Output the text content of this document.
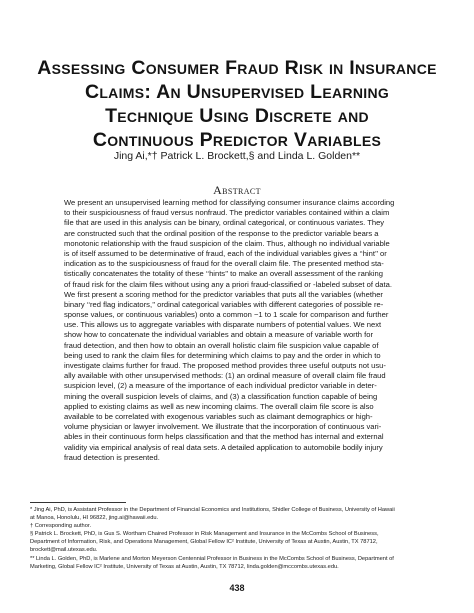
Assessing Consumer Fraud Risk in Insurance
Claims: An Unsupervised Learning
Technique Using Discrete and
Continuous Predictor Variables
Jing Ai,*† Patrick L. Brockett,§ and Linda L. Golden**
Abstract
We present an unsupervised learning method for classifying consumer insurance claims according
to their suspiciousness of fraud versus nonfraud. The predictor variables contained within a claim
file that are used in this analysis can be binary, ordinal categorical, or continuous variates. They
are constructed such that the ordinal position of the response to the predictor variable bears a
monotonic relationship with the fraud suspicion of the claim. Thus, although no individual variable
is of itself assumed to be determinative of fraud, each of the individual variables gives a ‘‘hint’’ or
indication as to the suspiciousness of fraud for the overall claim file. The presented method sta-
tistically concatenates the totality of these ‘‘hints’’ to make an overall assessment of the ranking
of fraud risk for the claim files without using any a priori fraud-classified or -labeled subset of data.
We first present a scoring method for the predictor variables that puts all the variables (whether
binary ‘‘red flag indicators,’’ ordinal categorical variables with different categories of possible re-
sponse values, or continuous variables) onto a common −1 to 1 scale for comparison and further
use. This allows us to aggregate variables with disparate numbers of potential values. We next
show how to concatenate the individual variables and obtain a measure of variable worth for
fraud detection, and then how to obtain an overall holistic claim file suspicion value capable of
being used to rank the claim files for determining which claims to pay and the order in which to
investigate claims further for fraud. The proposed method provides three useful outputs not usu-
ally available with other unsupervised methods: (1) an ordinal measure of overall claim file fraud
suspicion level, (2) a measure of the importance of each individual predictor variable in deter-
mining the overall suspicion levels of claims, and (3) a classification function capable of being
applied to existing claims as well as new incoming claims. The overall claim file score is also
available to be correlated with exogenous variables such as claimant demographics or high-
volume physician or lawyer involvement. We illustrate that the incorporation of continuous vari-
ables in their continuous form helps classification and that the method has internal and external
validity via empirical analysis of real data sets. A detailed application to automobile bodily injury
fraud detection is presented.
* Jing Ai, PhD, is Assistant Professor in the Department of Financial Economics and Institutions, Shidler College of Business, University of Hawaii
at Manoa, Honolulu, HI 96822, jing.ai@hawaii.edu.
† Corresponding author.
§ Patrick L. Brockett, PhD, is Gus S. Wortham Chaired Professor in Risk Management and Insurance in the McCombs School of Business,
Department of Information, Risk, and Operations Management, Global Fellow IC² Institute, University of Texas at Austin, Austin, TX 78712,
brockett@mail.utexas.edu.
** Linda L. Golden, PhD, is Marlene and Morton Meyerson Centennial Professor in Business in the McCombs School of Business, Department of
Marketing, Global Fellow IC² Institute, University of Texas at Austin, Austin, TX 78712, linda.golden@mccombs.utexas.edu.
438
